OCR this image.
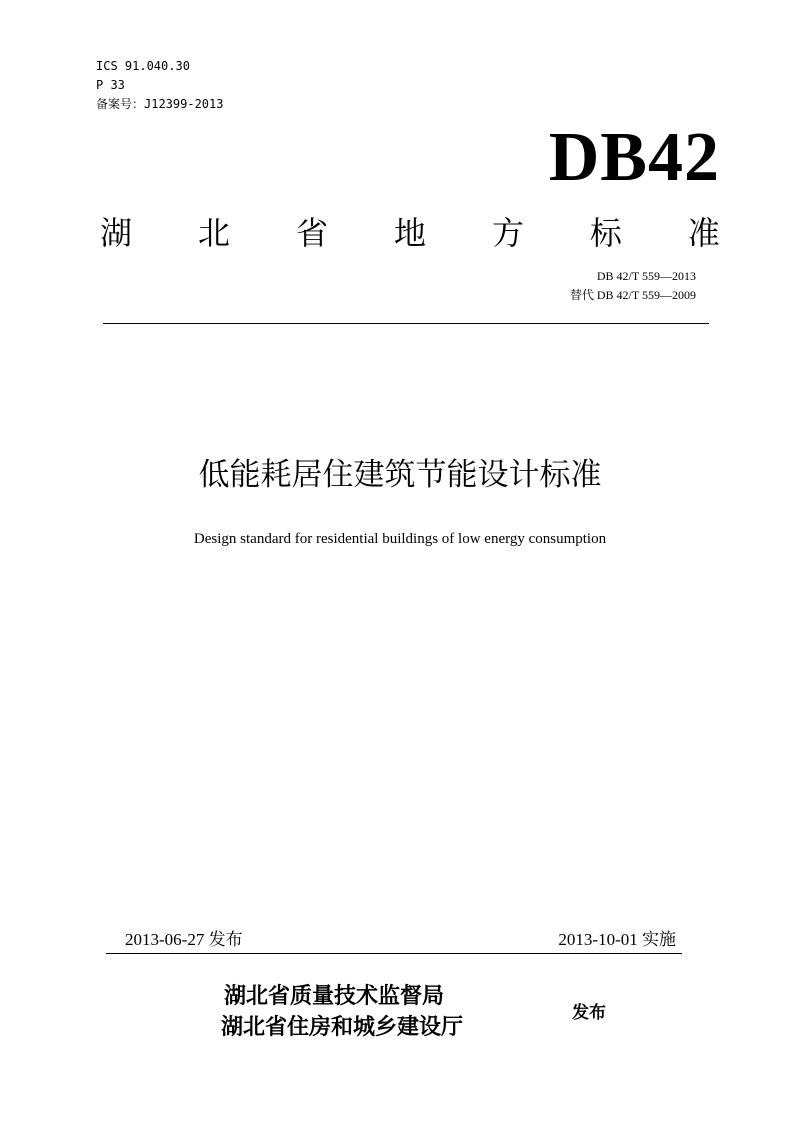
ICS 91.040.30
P 33
备案号：J12399-2013
DB42
湖 北 省 地 方 标 准
DB 42/T 559—2013
替代 DB 42/T 559—2009
低能耗居住建筑节能设计标准
Design standard for residential buildings of low energy consumption
2013-06-27 发布	2013-10-01 实施
湖北省质量技术监督局
湖北省住房和城乡建设厅
发布
